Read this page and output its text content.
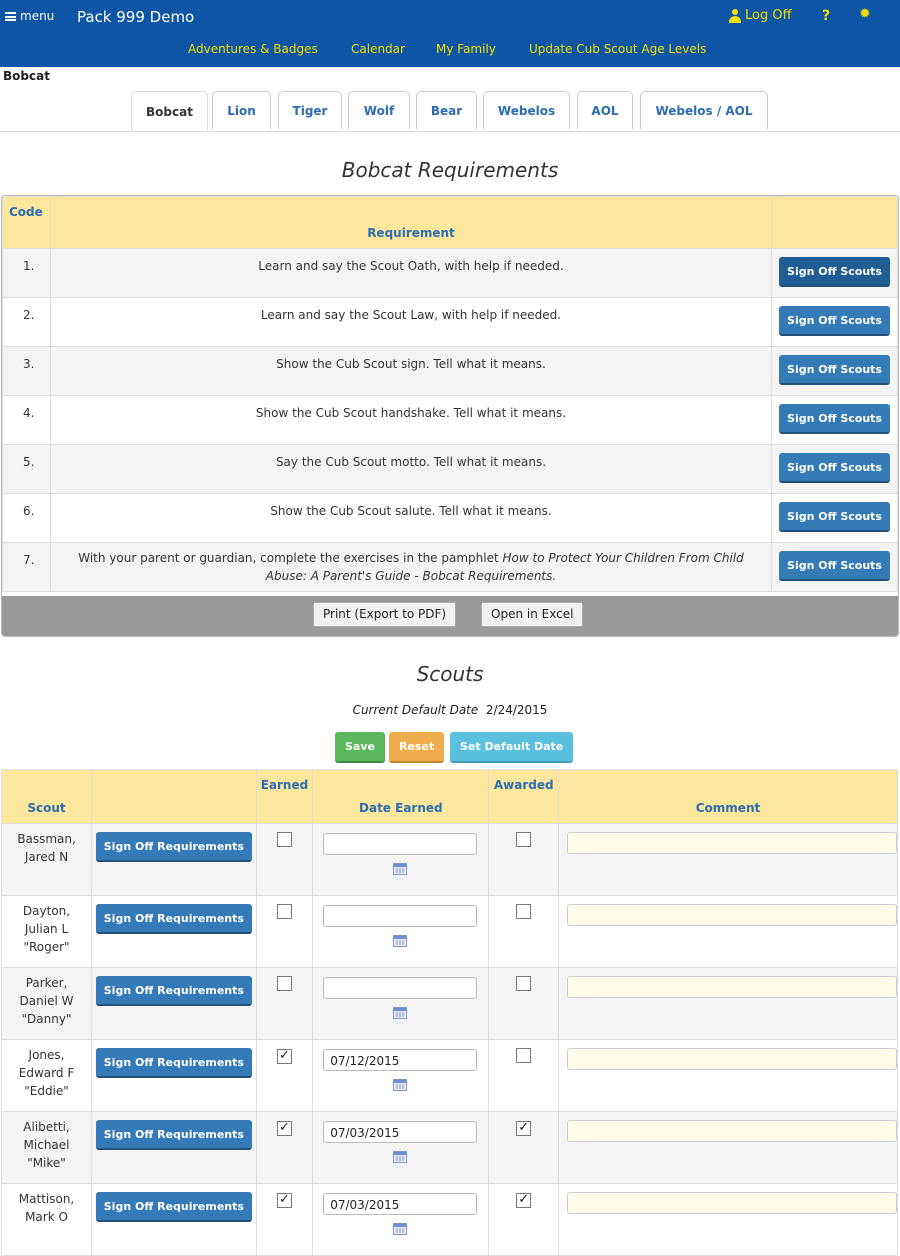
menu Pack 999 Demo	Log Off ? ✹
Adventures & Badges	Calendar	My Family	Update Cub Scout Age Levels
Bobcat
Bobcat	Lion	Tiger	Wolf	Bear	Webelos	AOL	Webelos / AOL
Bobcat Requirements
Code	Requirement	
1.	Learn and say the Scout Oath, with help if needed.	Sign Off Scouts
2.	Learn and say the Scout Law, with help if needed.	Sign Off Scouts
3.	Show the Cub Scout sign. Tell what it means.	Sign Off Scouts
4.	Show the Cub Scout handshake. Tell what it means.	Sign Off Scouts
5.	Say the Cub Scout motto. Tell what it means.	Sign Off Scouts
6.	Show the Cub Scout salute. Tell what it means.	Sign Off Scouts
7.	With your parent or guardian, complete the exercises in the pamphlet How to Protect Your Children From Child Abuse: A Parent's Guide - Bobcat Requirements.	Sign Off Scouts
Print (Export to PDF)	Open in Excel
Scouts
Current Default Date 2/24/2015
Save	Reset	Set Default Date
Scout		Earned	Date Earned	Awarded	Comment

Bassman,
Jared N	Sign Off Requirements		

Dayton,
Julian L
"Roger"	Sign Off Requirements		

Parker,
Daniel W
"Danny"	Sign Off Requirements		

Jones,
Edward F
"Eddie"	Sign Off Requirements	✓	07/12/2015		

Alibetti,
Michael
"Mike"	Sign Off Requirements	✓	07/03/2015	✓	

Mattison,
Mark O	Sign Off Requirements	✓	07/03/2015	✓	
